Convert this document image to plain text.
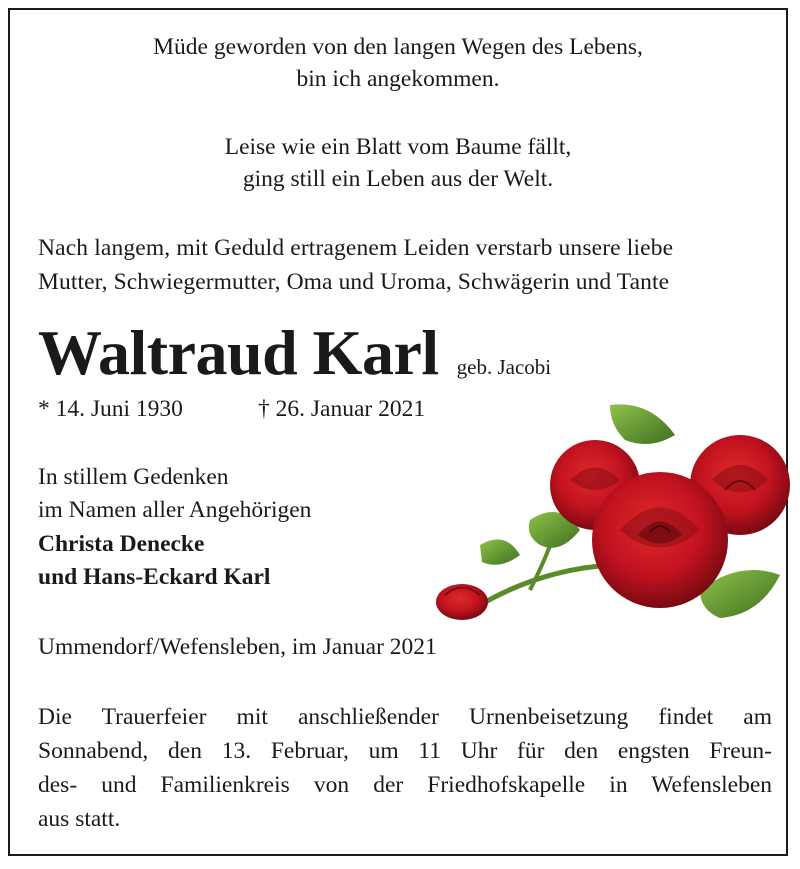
Müde geworden von den langen Wegen des Lebens,

bin ich angekommen.

Leise wie ein Blatt vom Baume fällt,

ging still ein Leben aus der Welt.

Nach langem, mit Geduld ertragenem Leiden verstarb unsere liebe

Mutter, Schwiegermutter, Oma und Uroma, Schwägerin und Tante

Waltraud Karl geb. Jacobi

* 14. Juni 1930	† 26. Januar 2021

In stillem Gedenken

im Namen aller Angehörigen

Christa Denecke

und Hans-Eckard Karl

Ummendorf/Wefensleben, im Januar 2021

Die Trauerfeier mit anschließender Urnenbeisetzung findet am

Sonnabend, den 13. Februar, um 11 Uhr für den engsten Freun-

des- und Familienkreis von der Friedhofskapelle in Wefensleben

aus statt.
